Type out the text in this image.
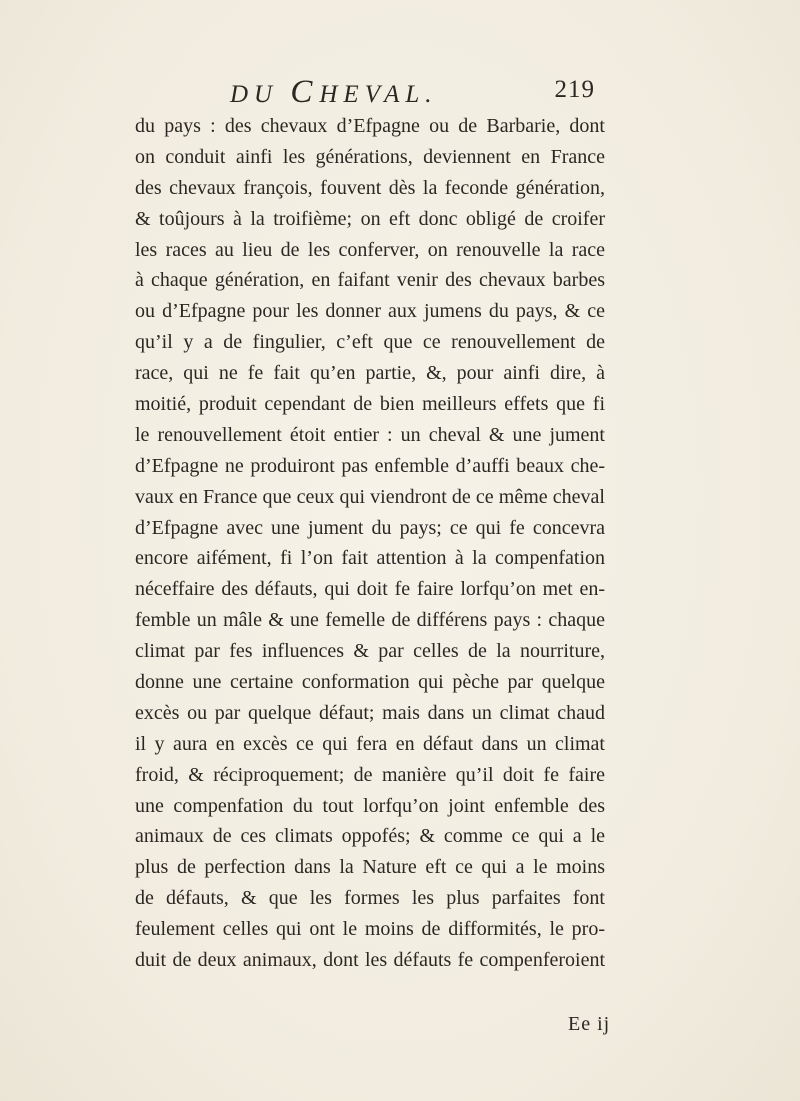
DU CHEVAL.	219
du pays : des chevaux d’Efpagne ou de Barbarie, dont
on conduit ainfi les générations, deviennent en France
des chevaux françois, fouvent dès la feconde génération,
& toûjours à la troifième; on eft donc obligé de croifer
les races au lieu de les conferver, on renouvelle la race
à chaque génération, en faifant venir des chevaux barbes
ou d’Efpagne pour les donner aux jumens du pays, & ce
qu’il y a de fingulier, c’eft que ce renouvellement de
race, qui ne fe fait qu’en partie, &, pour ainfi dire, à
moitié, produit cependant de bien meilleurs effets que fi
le renouvellement étoit entier : un cheval & une jument
d’Efpagne ne produiront pas enfemble d’auffi beaux che-
vaux en France que ceux qui viendront de ce même cheval
d’Efpagne avec une jument du pays; ce qui fe concevra
encore aifément, fi l’on fait attention à la compenfation
néceffaire des défauts, qui doit fe faire lorfqu’on met en-
femble un mâle & une femelle de différens pays : chaque
climat par fes influences & par celles de la nourriture,
donne une certaine conformation qui pèche par quelque
excès ou par quelque défaut; mais dans un climat chaud
il y aura en excès ce qui fera en défaut dans un climat
froid, & réciproquement; de manière qu’il doit fe faire
une compenfation du tout lorfqu’on joint enfemble des
animaux de ces climats oppofés; & comme ce qui a le
plus de perfection dans la Nature eft ce qui a le moins
de défauts, & que les formes les plus parfaites font
feulement celles qui ont le moins de difformités, le pro-
duit de deux animaux, dont les défauts fe compenferoient
Ee ij
